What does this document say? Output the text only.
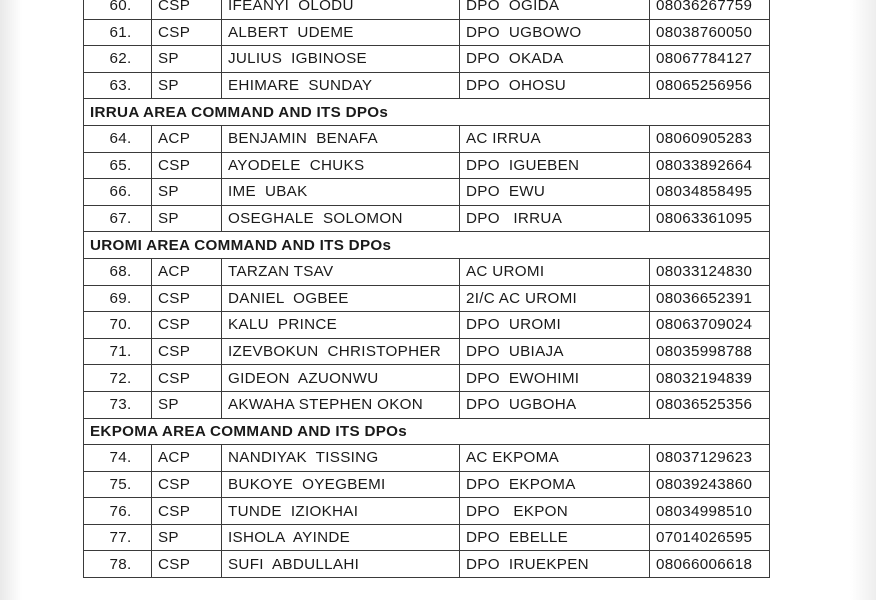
60.	CSP	IFEANYI  OLODU	DPO  OGIDA	08036267759
61.	CSP	ALBERT  UDEME	DPO  UGBOWO	08038760050
62.	SP	JULIUS  IGBINOSE	DPO  OKADA	08067784127
63.	SP	EHIMARE  SUNDAY	DPO  OHOSU	08065256956
IRRUA AREA COMMAND AND ITS DPOs				
64.	ACP	BENJAMIN  BENAFA	AC IRRUA	08060905283
65.	CSP	AYODELE  CHUKS	DPO  IGUEBEN	08033892664
66.	SP	IME  UBAK	DPO  EWU	08034858495
67.	SP	OSEGHALE  SOLOMON	DPO   IRRUA	08063361095
UROMI AREA COMMAND AND ITS DPOs				
68.	ACP	TARZAN TSAV	AC UROMI	08033124830
69.	CSP	DANIEL  OGBEE	2I/C AC UROMI	08036652391
70.	CSP	KALU  PRINCE	DPO  UROMI	08063709024
71.	CSP	IZEVBOKUN  CHRISTOPHER	DPO  UBIAJA	08035998788
72.	CSP	GIDEON  AZUONWU	DPO  EWOHIMI	08032194839
73.	SP	AKWAHA STEPHEN OKON	DPO  UGBOHA	08036525356
EKPOMA AREA COMMAND AND ITS DPOs				
74.	ACP	NANDIYAK  TISSING	AC EKPOMA	08037129623
75.	CSP	BUKOYE  OYEGBEMI	DPO  EKPOMA	08039243860
76.	CSP	TUNDE  IZIOKHAI	DPO   EKPON	08034998510
77.	SP	ISHOLA  AYINDE	DPO  EBELLE	07014026595
78.	CSP	SUFI  ABDULLAHI	DPO  IRUEKPEN	08066006618
